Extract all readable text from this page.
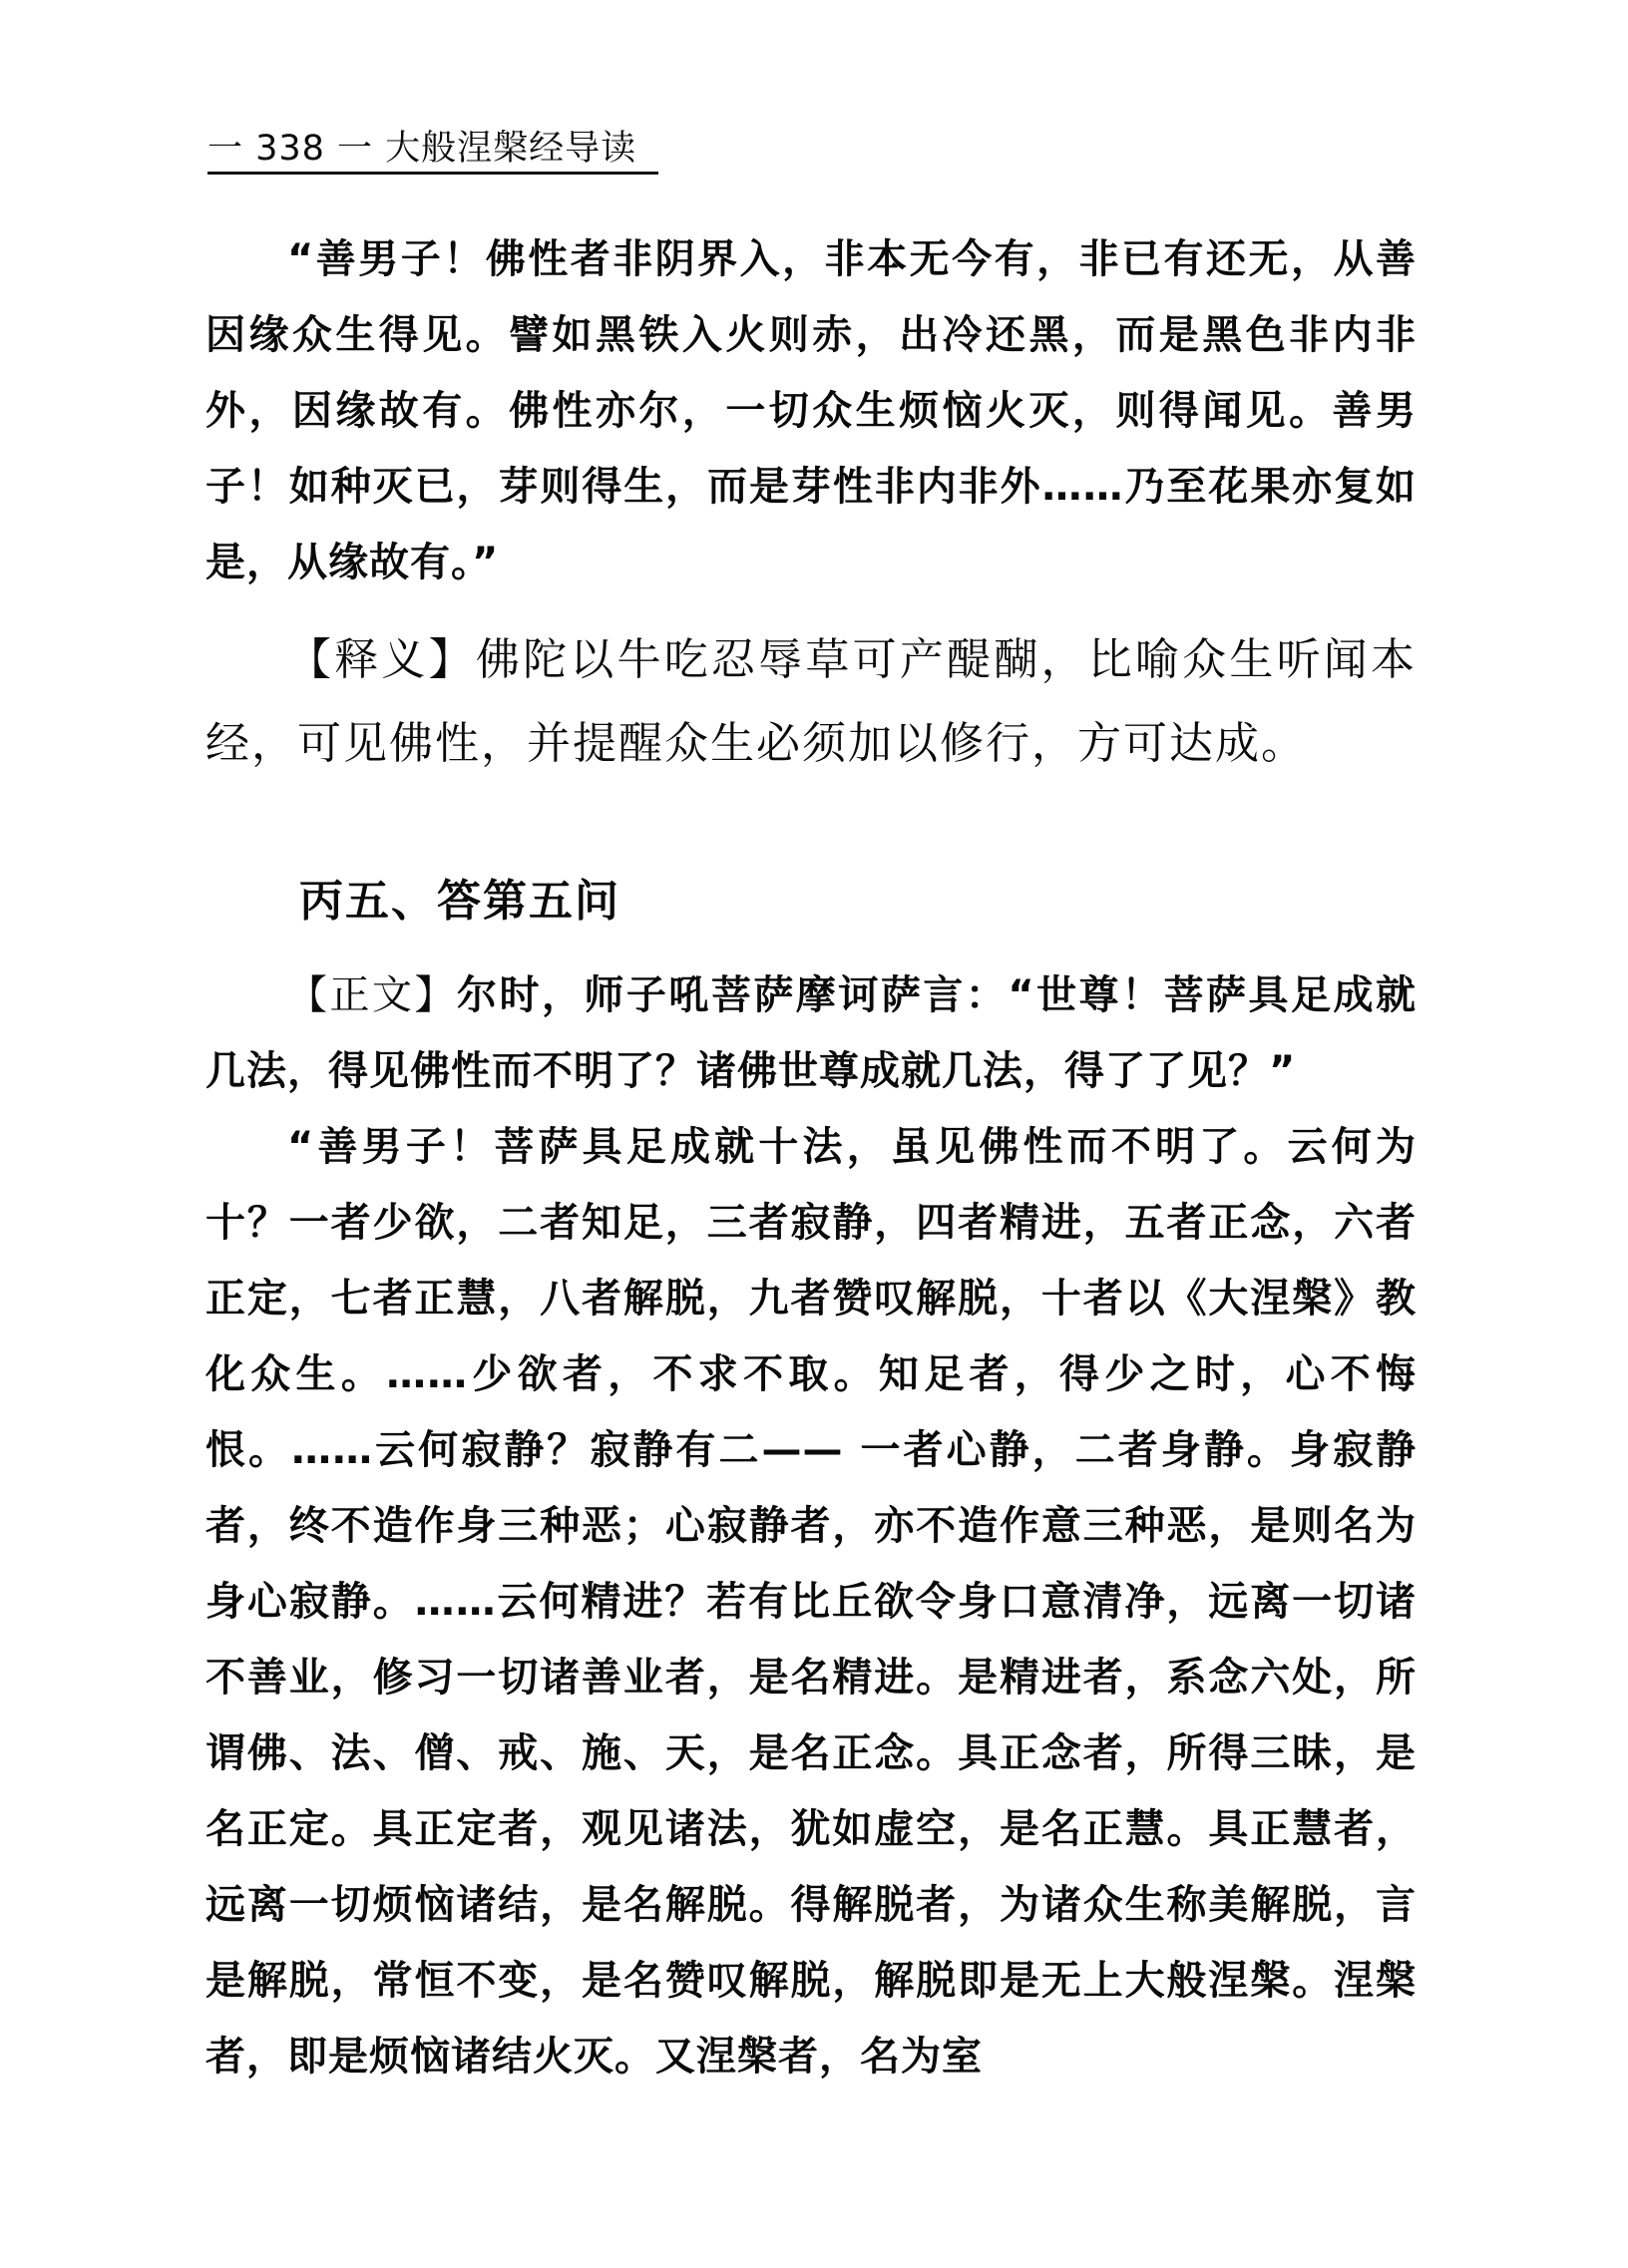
一 338 一 大般涅槃经导读

“善男子！佛性者非阴界入，非本无今有，非已有还无，从善因缘众生得见。譬如黑铁入火则赤，出冷还黑，而是黑色非内非外，因缘故有。佛性亦尔，一切众生烦恼火灭，则得闻见。善男子！如种灭已，芽则得生，而是芽性非内非外……乃至花果亦复如是，从缘故有。”

【释义】佛陀以牛吃忍辱草可产醍醐，比喻众生听闻本经，可见佛性，并提醒众生必须加以修行，方可达成。

丙五、答第五问

【正文】尔时，师子吼菩萨摩诃萨言：“世尊！菩萨具足成就几法，得见佛性而不明了？诸佛世尊成就几法，得了了见？”

“善男子！菩萨具足成就十法，虽见佛性而不明了。云何为十？一者少欲，二者知足，三者寂静，四者精进，五者正念，六者正定，七者正慧，八者解脱，九者赞叹解脱，十者以《大涅槃》教化众生。……少欲者，不求不取。知足者，得少之时，心不悔恨。……云何寂静？寂静有二—— 一者心静，二者身静。身寂静者，终不造作身三种恶；心寂静者，亦不造作意三种恶，是则名为身心寂静。……云何精进？若有比丘欲令身口意清净，远离一切诸不善业，修习一切诸善业者，是名精进。是精进者，系念六处，所谓佛、法、僧、戒、施、天，是名正念。具正念者，所得三昧，是名正定。具正定者，观见诸法，犹如虚空，是名正慧。具正慧者，远离一切烦恼诸结，是名解脱。得解脱者，为诸众生称美解脱，言是解脱，常恒不变，是名赞叹解脱，解脱即是无上大般涅槃。涅槃者，即是烦恼诸结火灭。又涅槃者，名为室
